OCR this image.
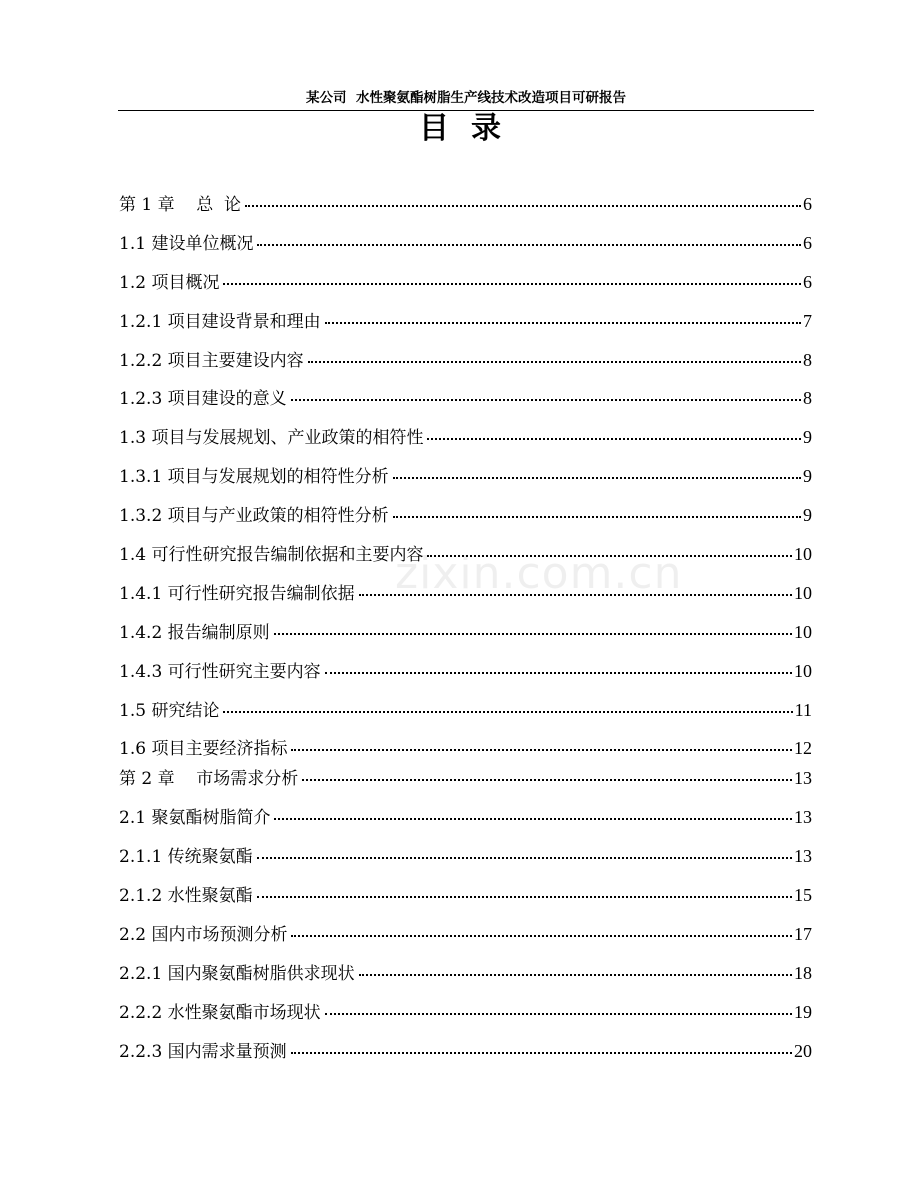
某公司  水性聚氨酯树脂生产线技术改造项目可研报告
目录
第 1 章    总  论	6
1.1 建设单位概况	6
1.2 项目概况	6
1.2.1 项目建设背景和理由	7
1.2.2 项目主要建设内容	8
1.2.3 项目建设的意义	8
1.3 项目与发展规划、产业政策的相符性	9
1.3.1 项目与发展规划的相符性分析	9
1.3.2 项目与产业政策的相符性分析	9
1.4 可行性研究报告编制依据和主要内容	10
1.4.1 可行性研究报告编制依据	10
1.4.2 报告编制原则	10
1.4.3 可行性研究主要内容	10
1.5 研究结论	11
1.6 项目主要经济指标	12
第 2 章    市场需求分析	13
2.1 聚氨酯树脂简介	13
2.1.1 传统聚氨酯	13
2.1.2 水性聚氨酯	15
2.2 国内市场预测分析	17
2.2.1 国内聚氨酯树脂供求现状	18
2.2.2 水性聚氨酯市场现状	19
2.2.3 国内需求量预测	20
zixin.com.cn
